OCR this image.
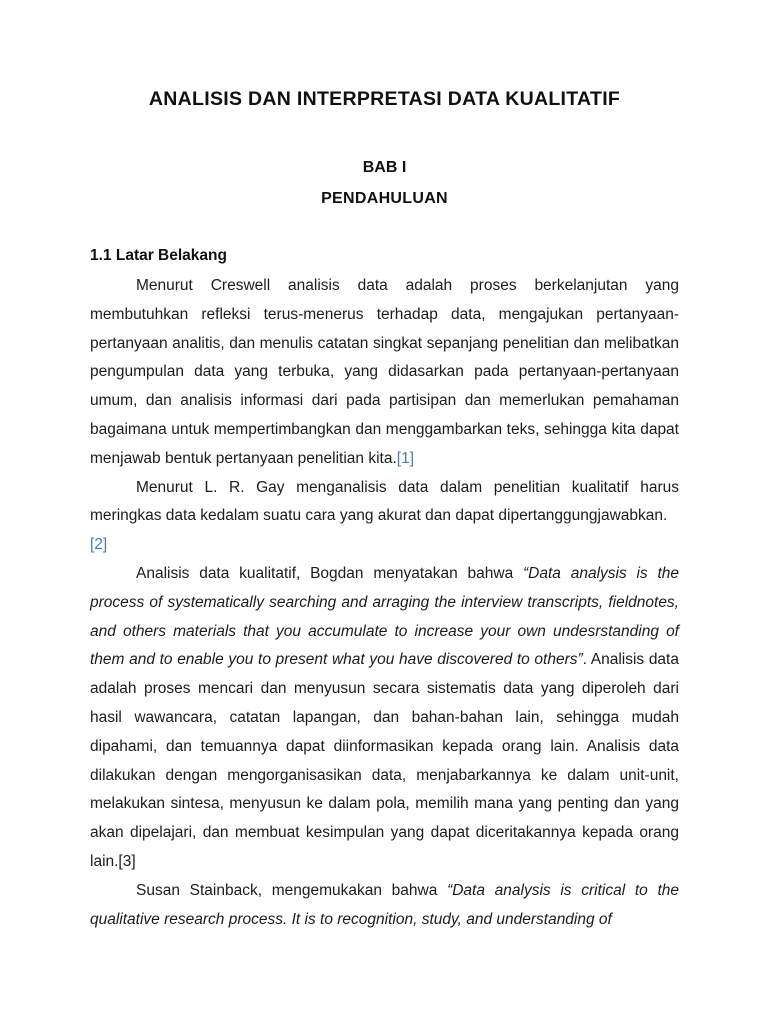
ANALISIS DAN INTERPRETASI DATA KUALITATIF
BAB I
PENDAHULUAN
1.1 Latar Belakang

Menurut Creswell analisis data adalah proses berkelanjutan yang membutuhkan refleksi terus-menerus terhadap data, mengajukan pertanyaan-pertanyaan analitis, dan menulis catatan singkat sepanjang penelitian dan melibatkan pengumpulan data yang terbuka, yang didasarkan pada pertanyaan-pertanyaan umum, dan analisis informasi dari pada partisipan dan memerlukan pemahaman bagaimana untuk mempertimbangkan dan menggambarkan teks, sehingga kita dapat menjawab bentuk pertanyaan penelitian kita.[1]

Menurut L. R. Gay menganalisis data dalam penelitian kualitatif harus meringkas data kedalam suatu cara yang akurat dan dapat dipertanggungjawabkan.
[2]

Analisis data kualitatif, Bogdan menyatakan bahwa “Data analysis is the process of systematically searching and arraging the interview transcripts, fieldnotes, and others materials that you accumulate to increase your own undesrstanding of them and to enable you to present what you have discovered to others”. Analisis data adalah proses mencari dan menyusun secara sistematis data yang diperoleh dari hasil wawancara, catatan lapangan, dan bahan-bahan lain, sehingga mudah dipahami, dan temuannya dapat diinformasikan kepada orang lain. Analisis data dilakukan dengan mengorganisasikan data, menjabarkannya ke dalam unit-unit, melakukan sintesa, menyusun ke dalam pola, memilih mana yang penting dan yang akan dipelajari, dan membuat kesimpulan yang dapat diceritakannya kepada orang lain.[3]

Susan Stainback, mengemukakan bahwa “Data analysis is critical to the qualitative research process. It is to recognition, study, and understanding of
